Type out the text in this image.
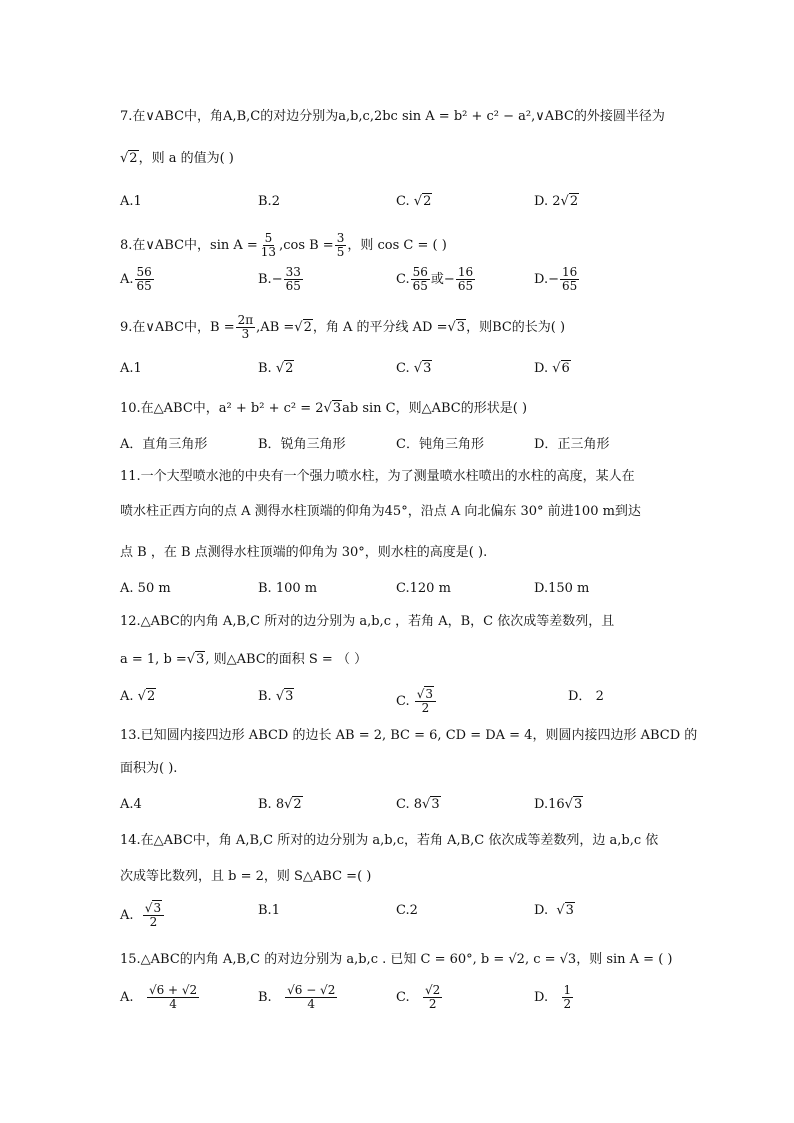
7.在∨ABC中，角A,B,C的对边分别为a,b,c,2bc sin A = b² + c² − a²,∨ABC的外接圆半径为
√2，则 a 的值为( )
A. 1	B. 2	C.
√2	D.
2 √2
8.在∨ABC中，$\sin A = \frac{5}{13} ,\cos$ $B = \frac{3}{5}$ ，则 cos C = ( )
A. $\frac{56}{65}$	B. − $\frac{33}{65}$	C. $\frac{56}{65}$ 或− $\frac{16}{65}$	D. − $\frac{16}{65}$
9.在∨ABC中，$B = \frac{2\pi}{3} ,AB = √2$ ，角 A 的平分线 AD = √3 ，则BC的长为( )
A. 1	B.
√2	C.
√3	D.
√6
10.在△ABC中，a² + b² + c² = 2√3ab sin C，则△ABC的形状是( )
A． 直角三角形	B． 锐角三角形	C． 钝角三角形	D． 正三角形
11.一个大型喷水池的中央有一个强力喷水柱，为了测量喷水柱喷出的水柱的高度，某人在
喷水柱正西方向的点 A 测得水柱顶端的仰角为45°，沿点 A 向北偏东 30° 前进100 m到达
点 B ，在 B 点测得水柱顶端的仰角为 30°，则水柱的高度是( ).
A.
50 m	B.
100 m	C. 120 m	D. 150 m
12.△ABC的内角 A,B,C 所对的边分别为 a,b,c ，若角 A，B，C 依次成等差数列，且
a = 1, b =√3, 则△ABC的面积 S = （ ）
A.
√2	B.
√3	C.
$\frac{√3}{2}$	D．
2
13.已知圆内接四边形 ABCD 的边长 AB = 2, BC = 6, CD = DA = 4，则圆内接四边形 ABCD 的
面积为( ).
A. 4	B.
8 √2	C.
8 √3	D. 16 √3
14.在△ABC中，角 A,B,C 所对的边分别为 a,b,c，若角 A,B,C 依次成等差数列，边 a,b,c 依
次成等比数列，且 b = 2，则 S△ABC =( )
A.
$\frac{√3}{2}$	B. 1	C. 2	D.
√3
15.△ABC的内角 A,B,C 的对边分别为 a,b,c . 已知 C = 60°, b = √2, c = √3，则 sin A = ( )
A.
$\frac{√6 + √2}{4}$	B.
$\frac{√6 - √2}{4}$	C.
$\frac{√2}{2}$	D.
$\frac{1}{2}$
